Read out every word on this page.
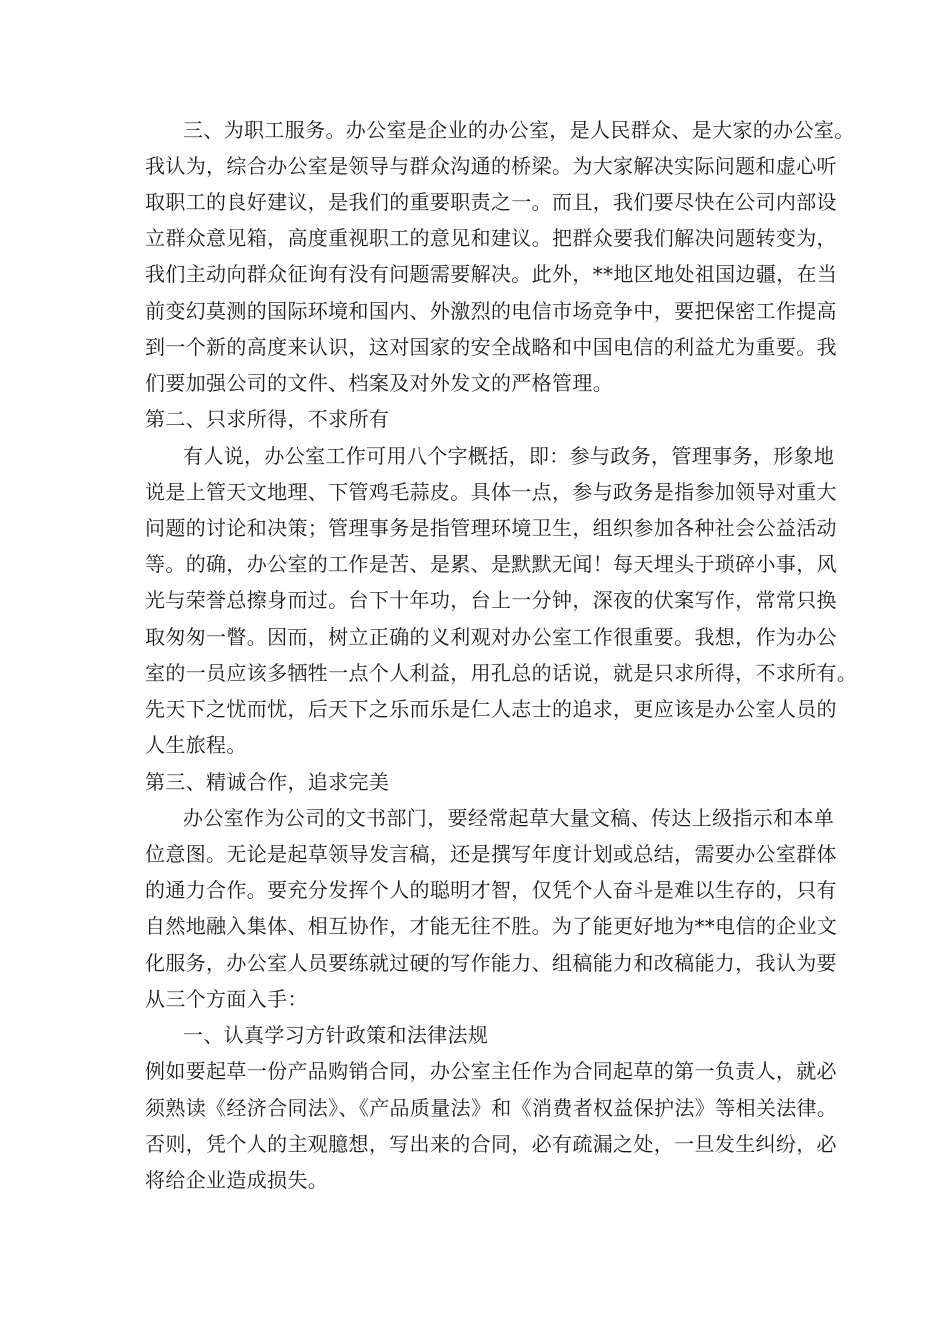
三、为职工服务。办公室是企业的办公室，是人民群众、是大家的办公室。
我认为，综合办公室是领导与群众沟通的桥梁。为大家解决实际问题和虚心听
取职工的良好建议，是我们的重要职责之一。而且，我们要尽快在公司内部设
立群众意见箱，高度重视职工的意见和建议。把群众要我们解决问题转变为，
我们主动向群众征询有没有问题需要解决。此外，**地区地处祖国边疆，在当
前变幻莫测的国际环境和国内、外激烈的电信市场竞争中，要把保密工作提高
到一个新的高度来认识，这对国家的安全战略和中国电信的利益尤为重要。我
们要加强公司的文件、档案及对外发文的严格管理。
第二、只求所得，不求所有
有人说，办公室工作可用八个字概括，即：参与政务，管理事务，形象地
说是上管天文地理、下管鸡毛蒜皮。具体一点，参与政务是指参加领导对重大
问题的讨论和决策；管理事务是指管理环境卫生，组织参加各种社会公益活动
等。的确，办公室的工作是苦、是累、是默默无闻！每天埋头于琐碎小事，风
光与荣誉总擦身而过。台下十年功，台上一分钟，深夜的伏案写作，常常只换
取匆匆一瞥。因而，树立正确的义利观对办公室工作很重要。我想，作为办公
室的一员应该多牺牲一点个人利益，用孔总的话说，就是只求所得，不求所有。
先天下之忧而忧，后天下之乐而乐是仁人志士的追求，更应该是办公室人员的
人生旅程。
第三、精诚合作，追求完美
办公室作为公司的文书部门，要经常起草大量文稿、传达上级指示和本单
位意图。无论是起草领导发言稿，还是撰写年度计划或总结，需要办公室群体
的通力合作。要充分发挥个人的聪明才智，仅凭个人奋斗是难以生存的，只有
自然地融入集体、相互协作，才能无往不胜。为了能更好地为**电信的企业文
化服务，办公室人员要练就过硬的写作能力、组稿能力和改稿能力，我认为要
从三个方面入手：
一、认真学习方针政策和法律法规
例如要起草一份产品购销合同，办公室主任作为合同起草的第一负责人，就必
须熟读《经济合同法》、《产品质量法》和《消费者权益保护法》等相关法律。
否则，凭个人的主观臆想，写出来的合同，必有疏漏之处，一旦发生纠纷，必
将给企业造成损失。
